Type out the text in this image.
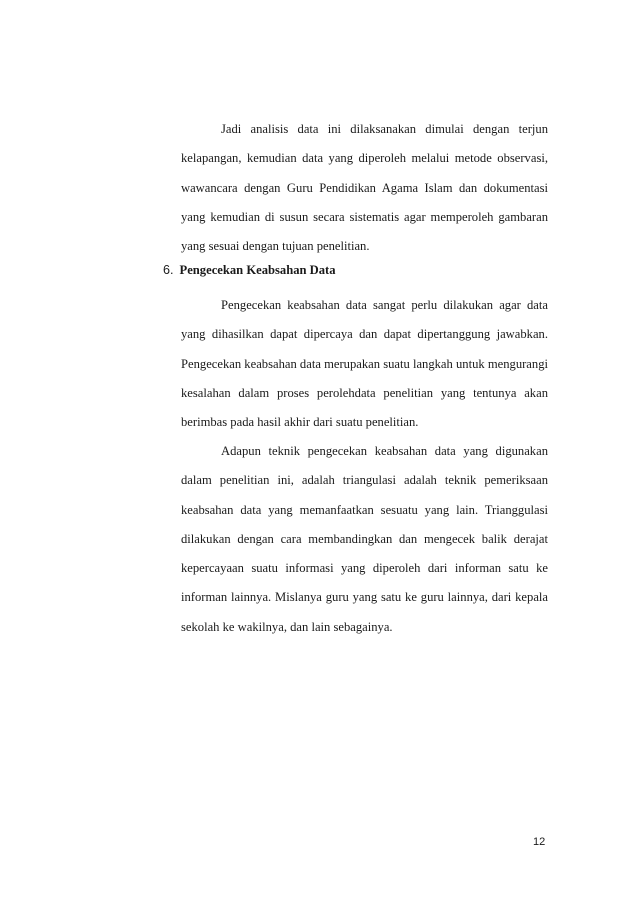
Jadi analisis data ini dilaksanakan dimulai dengan terjun kelapangan, kemudian data yang diperoleh melalui metode observasi, wawancara dengan Guru Pendidikan Agama Islam dan dokumentasi yang kemudian di susun secara sistematis agar memperoleh gambaran yang sesuai dengan tujuan penelitian.

6. Pengecekan Keabsahan Data

Pengecekan keabsahan data sangat perlu dilakukan agar data yang dihasilkan dapat dipercaya dan dapat dipertanggung jawabkan. Pengecekan keabsahan data merupakan suatu langkah untuk mengurangi kesalahan dalam proses perolehdata penelitian yang tentunya akan berimbas pada hasil akhir dari suatu penelitian.

Adapun teknik pengecekan keabsahan data yang digunakan dalam penelitian ini, adalah triangulasi adalah teknik pemeriksaan keabsahan data yang memanfaatkan sesuatu yang lain. Trianggulasi dilakukan dengan cara membandingkan dan mengecek balik derajat kepercayaan suatu informasi yang diperoleh dari informan satu ke informan lainnya. Mislanya guru yang satu ke guru lainnya, dari kepala sekolah ke wakilnya, dan lain sebagainya.

12
